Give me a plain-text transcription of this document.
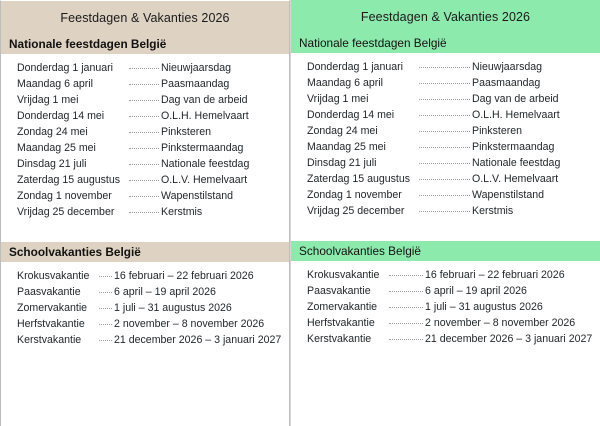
Feestdagen & Vakanties 2026
Nationale feestdagen België
Donderdag 1 januari	Nieuwjaarsdag
Maandag 6 april	Paasmaandag
Vrijdag 1 mei	Dag van de arbeid
Donderdag 14 mei	O.L.H. Hemelvaart
Zondag 24 mei	Pinksteren
Maandag 25 mei	Pinkstermaandag
Dinsdag 21 juli	Nationale feestdag
Zaterdag 15 augustus	O.L.V. Hemelvaart
Zondag 1 november	Wapenstilstand
Vrijdag 25 december	Kerstmis
Schoolvakanties België
Krokusvakantie	16 februari – 22 februari 2026
Paasvakantie	6 april – 19 april 2026
Zomervakantie	1 juli – 31 augustus 2026
Herfstvakantie	2 november – 8 november 2026
Kerstvakantie	21 december 2026 – 3 januari 2027
Feestdagen & Vakanties 2026
Nationale feestdagen België
Donderdag 1 januari	Nieuwjaarsdag
Maandag 6 april	Paasmaandag
Vrijdag 1 mei	Dag van de arbeid
Donderdag 14 mei	O.L.H. Hemelvaart
Zondag 24 mei	Pinksteren
Maandag 25 mei	Pinkstermaandag
Dinsdag 21 juli	Nationale feestdag
Zaterdag 15 augustus	O.L.V. Hemelvaart
Zondag 1 november	Wapenstilstand
Vrijdag 25 december	Kerstmis
Schoolvakanties België
Krokusvakantie	16 februari – 22 februari 2026
Paasvakantie	6 april – 19 april 2026
Zomervakantie	1 juli – 31 augustus 2026
Herfstvakantie	2 november – 8 november 2026
Kerstvakantie	21 december 2026 – 3 januari 2027
